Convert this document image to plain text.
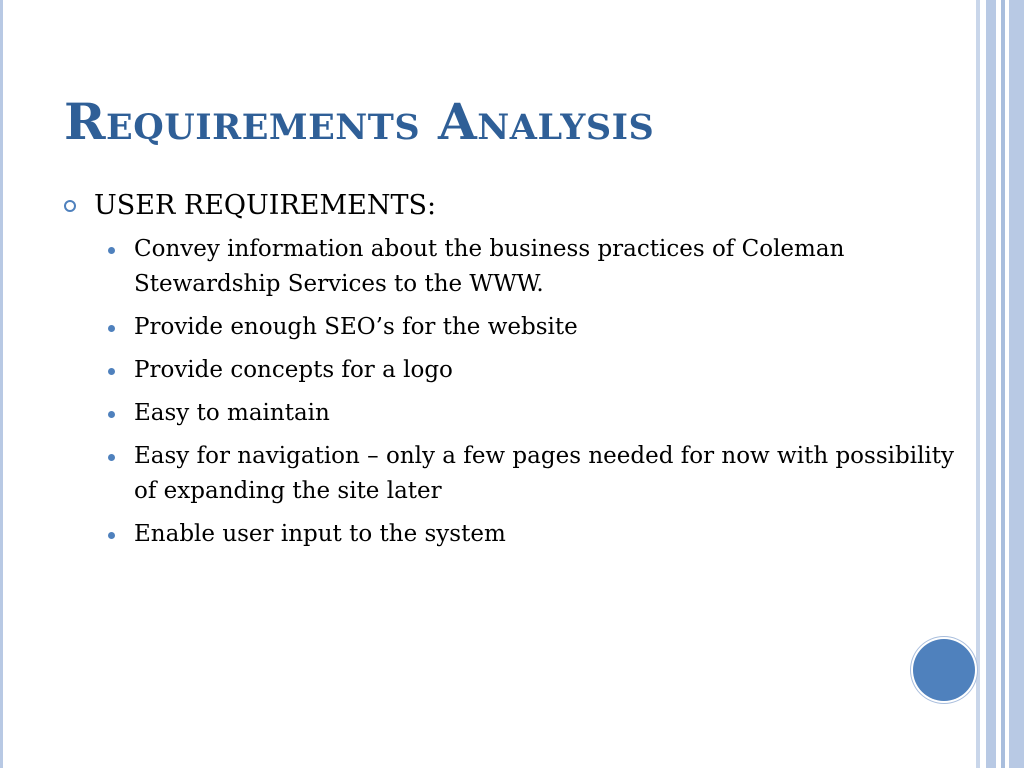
Requirements Analysis
USER REQUIREMENTS:
Convey information about the business practices of Coleman Stewardship Services to the WWW.
Provide enough SEO’s for the website
Provide concepts for a logo
Easy to maintain
Easy for navigation – only a few pages needed for now with possibility of expanding the site later
Enable user input to the system
